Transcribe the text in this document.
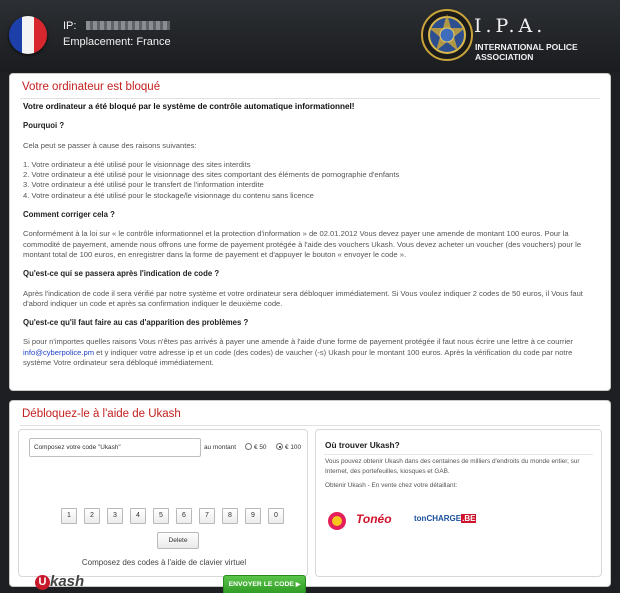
IP:
Emplacement: France
I.P.A.
INTERNATIONAL POLICE ASSOCIATION
Votre ordinateur est bloqué

Votre ordinateur a été bloqué par le système de contrôle automatique informationnel!

Pourquoi ?

Cela peut se passer à cause des raisons suivantes:

1. Votre ordinateur a été utilisé pour le visionnage des sites interdits

2. Votre ordinateur a été utilisé pour le visionnage des sites comportant des éléments de pornographie d'enfants

3. Votre ordinateur a été utilisé pour le transfert de l'information interdite

4. Votre ordinateur a été utilisé pour le stockage/le visionnage du contenu sans licence

Comment corriger cela ?

Conformément à la loi sur « le contrôle informationnel et la protection d'information » de 02.01.2012 Vous devez payer une amende de montant 100 euros. Pour la commodité de payement, amende nous offrons une forme de payement protégée à l'aide des vouchers Ukash. Vous devez acheter un voucher (des vouchers) pour le montant total de 100 euros, en enregistrer dans la forme de payement et d'appuyer le bouton « envoyer le code ».

Qu'est-ce qui se passera après l'indication de code ?

Après l'indication de code il sera vérifié par notre système et votre ordinateur sera débloquer immédiatement. Si Vous voulez indiquer 2 codes de 50 euros, il Vous faut d'abord indiquer un code et après sa confirmation indiquer le deuxième code.

Qu'est-ce qu'il faut faire au cas d'apparition des problèmes ?

Si pour n'importes quelles raisons Vous n'êtes pas arrivés à payer une amende à l'aide d'une forme de payement protégée il faut nous écrire une lettre à ce courrier info@cyberpolice.pm et y indiquer votre adresse ip et un code (des codes) de vaucher (-s) Ukash pour le montant 100 euros. Après la vérification du code par notre système Votre ordinateur sera débloqué immédiatement.

Débloquez-le à l'aide de Ukash
Composez votre code "Ukash"
au montant	€ 50	€ 100
1	2	3	4	5	6	7	8	9	0
Delete
Composez des codes à l'aide de clavier virtuel
U kash	ENVOYER LE CODE ▶
Où trouver Ukash?
Vous pouvez obtenir Ukash dans des centaines de milliers d'endroits du monde entier, sur Internet, des portefeuilles, kiosques et GAB.
Obtenir Ukash - En vente chez votre détaillant:
Tonéo	tonCHARGE.BE
